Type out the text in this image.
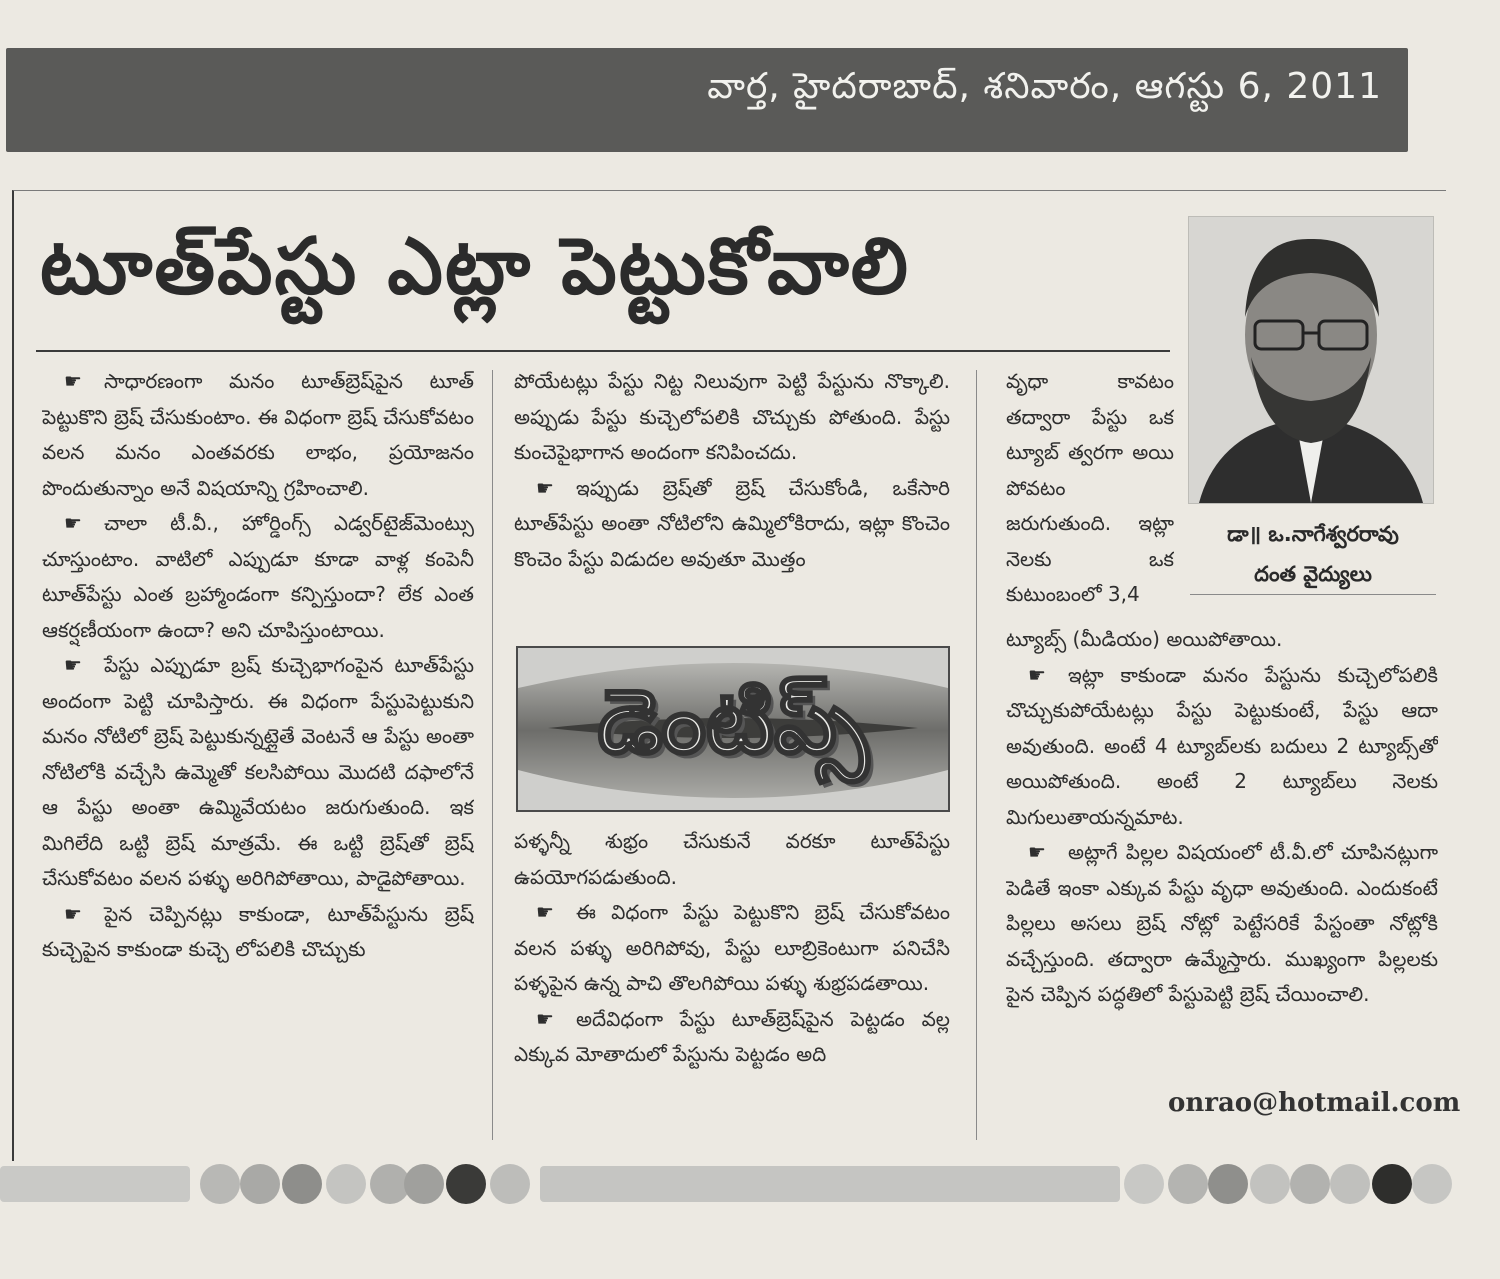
వార్త, హైదరాబాద్, శనివారం, ఆగస్టు 6, 2011
టూత్‌పేస్టు ఎట్లా పెట్టుకోవాలి

☛ సాధారణంగా మనం టూత్‌బ్రెష్‌పైన టూత్ పెట్టుకొని బ్రెష్ చేసుకుంటాం. ఈ విధంగా బ్రెష్ చేసుకోవటం వలన మనం ఎంతవరకు లాభం, ప్రయోజనం పొందుతున్నాం అనే విషయాన్ని గ్రహించాలి.

☛ చాలా టీ.వీ., హోర్డింగ్స్ ఎడ్వర్‌టైజ్‌మెంట్సు చూస్తుంటాం. వాటిలో ఎప్పుడూ కూడా వాళ్ల కంపెనీ టూత్‌పేస్టు ఎంత బ్రహ్మాండంగా కన్పిస్తుందా? లేక ఎంత ఆకర్షణీయంగా ఉందా? అని చూపిస్తుంటాయి.

☛ పేస్టు ఎప్పుడూ బ్రష్ కుచ్చెభాగంపైన టూత్‌పేస్టు అందంగా పెట్టి చూపిస్తారు. ఈ విధంగా పేస్టుపెట్టుకుని మనం నోటిలో బ్రెష్ పెట్టుకున్నట్లైతే వెంటనే ఆ పేస్టు అంతా నోటిలోకి వచ్చేసి ఉమ్మెతో కలసిపోయి మొదటి దఫాలోనే ఆ పేస్టు అంతా ఉమ్మివేయటం జరుగుతుంది. ఇక మిగిలేది ఒట్టి బ్రెష్ మాత్రమే. ఈ ఒట్టి బ్రెష్‌తో బ్రెష్ చేసుకోవటం వలన పళ్ళు అరిగిపోతాయి, పాడైపోతాయి.

☛ పైన చెప్పినట్లు కాకుండా, టూత్‌పేస్టును బ్రెష్ కుచ్చెపైన కాకుండా కుచ్చె లోపలికి చొచ్చుకు

పోయేటట్లు పేస్టు నిట్ట నిలువుగా పెట్టి పేస్టును నొక్కాలి. అప్పుడు పేస్టు కుచ్చెలోపలికి చొచ్చుకు పోతుంది. పేస్టు కుంచెపైభాగాన అందంగా కనిపించదు.

☛ ఇప్పుడు బ్రెష్‌తో బ్రెష్ చేసుకోండి, ఒకేసారి టూత్‌పేస్టు అంతా నోటిలోని ఉమ్మిలోకిరాదు, ఇట్లా కొంచెం కొంచెం పేస్టు విడుదల అవుతూ మొత్తం

డెంటిప్స్

పళ్ళన్నీ శుభ్రం చేసుకునే వరకూ టూత్‌పేస్టు ఉపయోగపడుతుంది.

☛ ఈ విధంగా పేస్టు పెట్టుకొని బ్రెష్ చేసుకోవటం వలన పళ్ళు అరిగిపోవు, పేస్టు లూబ్రికెంటుగా పనిచేసి పళ్ళపైన ఉన్న పాచి తొలగిపోయి పళ్ళు శుభ్రపడతాయి.

☛ అదేవిధంగా పేస్టు టూత్‌బ్రెష్‌పైన పెట్టడం వల్ల ఎక్కువ మోతాదులో పేస్టును పెట్టడం అది

వృధా కావటం తద్వారా పేస్టు ఒక ట్యూబ్ త్వరగా అయి పోవటం జరుగుతుంది. ఇట్లా నెలకు ఒక కుటుంబంలో 3,4

డా॥ ఒ.నాగేశ్వరరావు
దంత వైద్యులు

ట్యూబ్స్ (మీడియం) అయిపోతాయి.

☛ ఇట్లా కాకుండా మనం పేస్టును కుచ్చెలోపలికి చొచ్చుకుపోయేటట్లు పేస్టు పెట్టుకుంటే, పేస్టు ఆదా అవుతుంది. అంటే 4 ట్యూబ్‌లకు బదులు 2 ట్యూబ్స్‌తో అయిపోతుంది. అంటే 2 ట్యూబ్‌లు నెలకు మిగులుతాయన్నమాట.

☛ అట్లాగే పిల్లల విషయంలో టీ.వీ.లో చూపినట్లుగా పెడితే ఇంకా ఎక్కువ పేస్టు వృధా అవుతుంది. ఎందుకంటే పిల్లలు అసలు బ్రెష్ నోట్లో పెట్టేసరికే పేస్టంతా నోట్లోకి వచ్చేస్తుంది. తద్వారా ఉమ్మేస్తారు. ముఖ్యంగా పిల్లలకు పైన చెప్పిన పద్ధతిలో పేస్టుపెట్టి బ్రెష్ చేయించాలి.

onrao@hotmail.com
